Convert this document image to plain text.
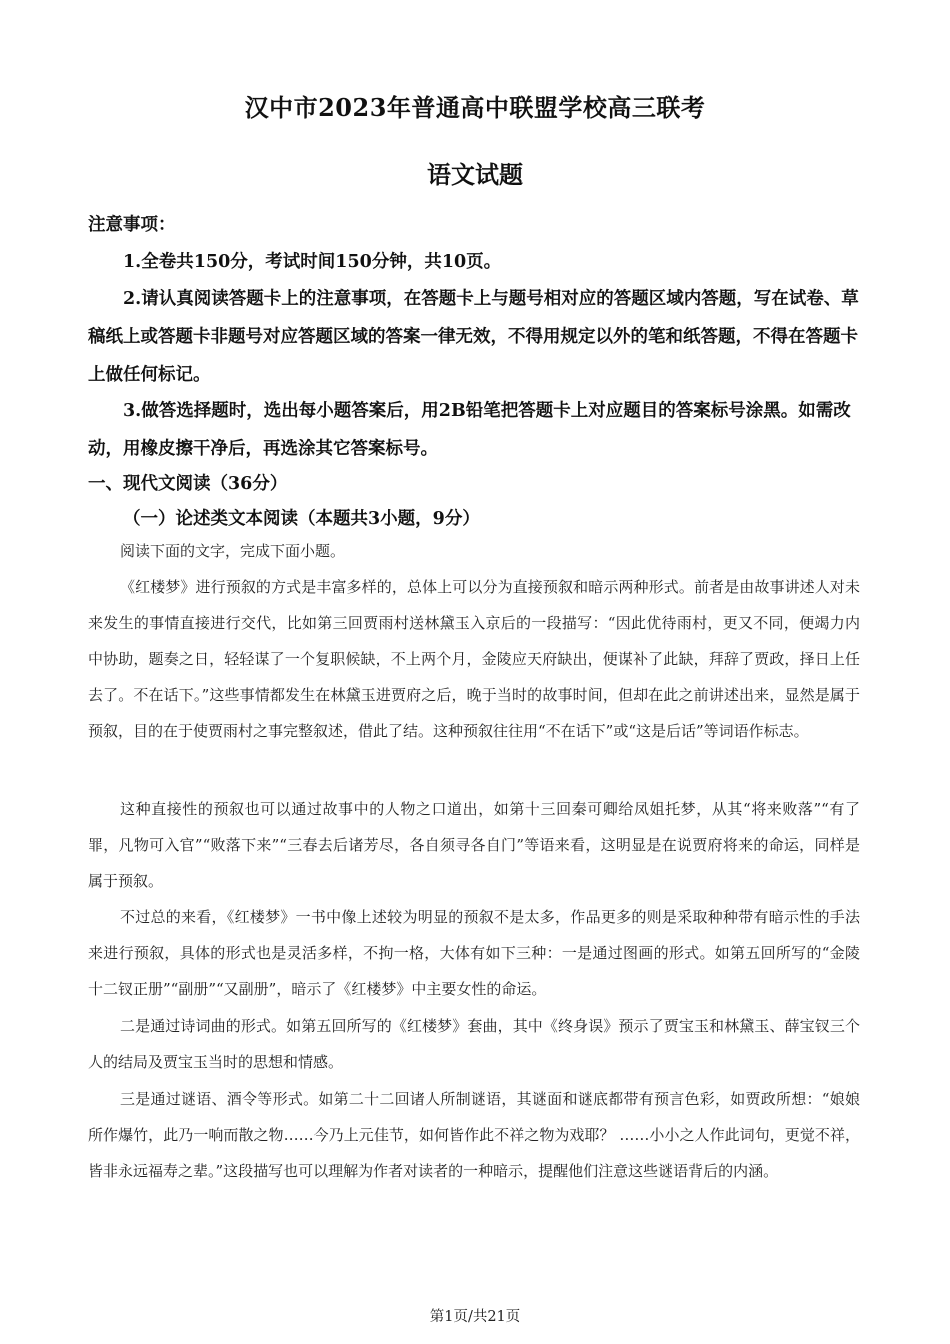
汉中市2023年普通高中联盟学校高三联考
语文试题
注意事项：
1.全卷共150分，考试时间150分钟，共10页。
2.请认真阅读答题卡上的注意事项，在答题卡上与题号相对应的答题区域内答题，写在试卷、草稿纸上或答题卡非题号对应答题区域的答案一律无效，不得用规定以外的笔和纸答题，不得在答题卡上做任何标记。
3.做答选择题时，选出每小题答案后，用2B铅笔把答题卡上对应题目的答案标号涂黑。如需改动，用橡皮擦干净后，再选涂其它答案标号。
一、现代文阅读（36分）
（一）论述类文本阅读（本题共3小题，9分）
阅读下面的文字，完成下面小题。
《红楼梦》进行预叙的方式是丰富多样的，总体上可以分为直接预叙和暗示两种形式。前者是由故事讲述人对未来发生的事情直接进行交代，比如第三回贾雨村送林黛玉入京后的一段描写：“因此优待雨村，更又不同，便竭力内中协助，题奏之日，轻轻谋了一个复职候缺，不上两个月，金陵应天府缺出，便谋补了此缺，拜辞了贾政，择日上任去了。不在话下。”这些事情都发生在林黛玉进贾府之后，晚于当时的故事时间，但却在此之前讲述出来，显然是属于预叙，目的在于使贾雨村之事完整叙述，借此了结。这种预叙往往用“不在话下”或“这是后话”等词语作标志。
这种直接性的预叙也可以通过故事中的人物之口道出，如第十三回秦可卿给凤姐托梦，从其“将来败落”“有了罪，凡物可入官”“败落下来”“三春去后诸芳尽，各自须寻各自门”等语来看，这明显是在说贾府将来的命运，同样是属于预叙。
不过总的来看，《红楼梦》一书中像上述较为明显的预叙不是太多，作品更多的则是采取种种带有暗示性的手法来进行预叙，具体的形式也是灵活多样，不拘一格，大体有如下三种：一是通过图画的形式。如第五回所写的“金陵十二钗正册”“副册”“又副册”，暗示了《红楼梦》中主要女性的命运。
二是通过诗词曲的形式。如第五回所写的《红楼梦》套曲，其中《终身误》预示了贾宝玉和林黛玉、薛宝钗三个人的结局及贾宝玉当时的思想和情感。
三是通过谜语、酒令等形式。如第二十二回诸人所制谜语，其谜面和谜底都带有预言色彩，如贾政所想：“娘娘所作爆竹，此乃一响而散之物……今乃上元佳节，如何皆作此不祥之物为戏耶？ ……小小之人作此词句，更觉不祥，皆非永远福寿之辈。”这段描写也可以理解为作者对读者的一种暗示，提醒他们注意这些谜语背后的内涵。
第1页/共21页
